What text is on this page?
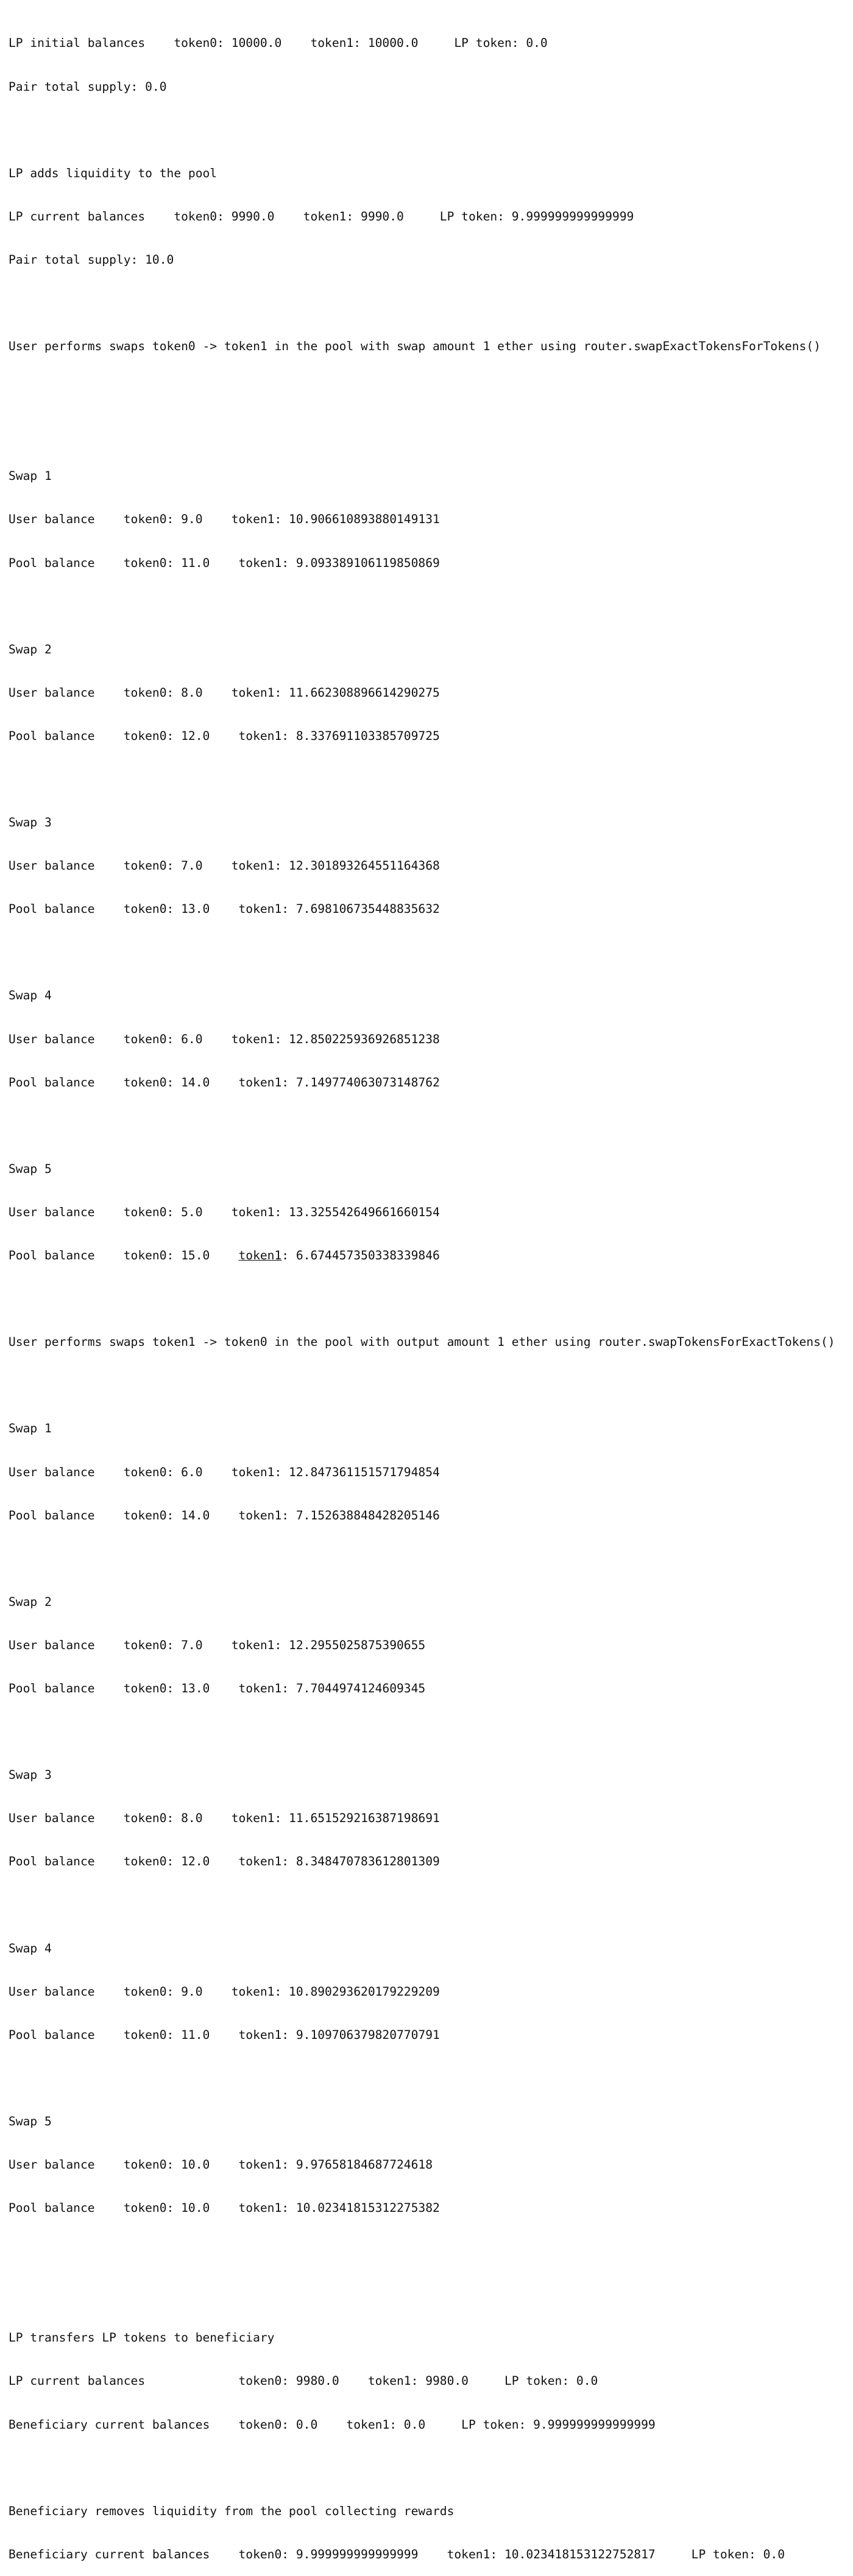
LP initial balances    token0: 10000.0    token1: 10000.0     LP token: 0.0

Pair total supply: 0.0

LP adds liquidity to the pool

LP current balances    token0: 9990.0    token1: 9990.0     LP token: 9.999999999999999

Pair total supply: 10.0

User performs swaps token0 -> token1 in the pool with swap amount 1 ether using router.swapExactTokensForTokens()

Swap 1

User balance    token0: 9.0    token1: 10.906610893880149131

Pool balance    token0: 11.0    token1: 9.093389106119850869

Swap 2

User balance    token0: 8.0    token1: 11.662308896614290275

Pool balance    token0: 12.0    token1: 8.337691103385709725

Swap 3

User balance    token0: 7.0    token1: 12.301893264551164368

Pool balance    token0: 13.0    token1: 7.698106735448835632

Swap 4

User balance    token0: 6.0    token1: 12.850225936926851238

Pool balance    token0: 14.0    token1: 7.149774063073148762

Swap 5

User balance    token0: 5.0    token1: 13.325542649661660154

Pool balance    token0: 15.0    token1: 6.674457350338339846

User performs swaps token1 -> token0 in the pool with output amount 1 ether using router.swapTokensForExactTokens()

Swap 1

User balance    token0: 6.0    token1: 12.847361151571794854

Pool balance    token0: 14.0    token1: 7.152638848428205146

Swap 2

User balance    token0: 7.0    token1: 12.2955025875390655

Pool balance    token0: 13.0    token1: 7.7044974124609345

Swap 3

User balance    token0: 8.0    token1: 11.651529216387198691

Pool balance    token0: 12.0    token1: 8.348470783612801309

Swap 4

User balance    token0: 9.0    token1: 10.890293620179229209

Pool balance    token0: 11.0    token1: 9.109706379820770791

Swap 5

User balance    token0: 10.0    token1: 9.97658184687724618

Pool balance    token0: 10.0    token1: 10.02341815312275382

LP transfers LP tokens to beneficiary

LP current balances             token0: 9980.0    token1: 9980.0     LP token: 0.0

Beneficiary current balances    token0: 0.0    token1: 0.0     LP token: 9.999999999999999

Beneficiary removes liquidity from the pool collecting rewards

Beneficiary current balances    token0: 9.999999999999999    token1: 10.023418153122752817     LP token: 0.0
